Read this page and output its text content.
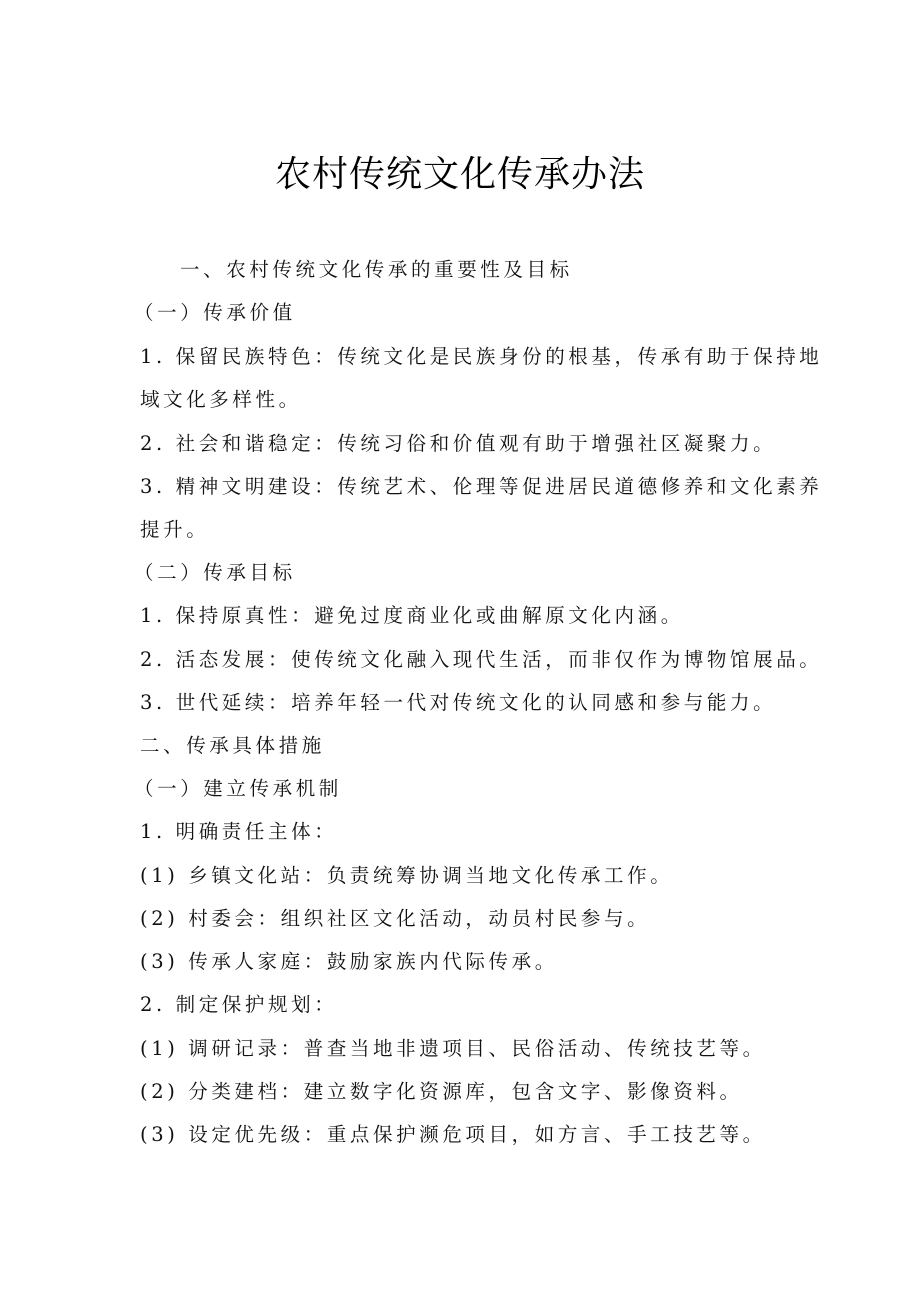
农村传统文化传承办法
一、农村传统文化传承的重要性及目标
（一）传承价值
1. 保留民族特色：传统文化是民族身份的根基，传承有助于保持地
域文化多样性。
2. 社会和谐稳定：传统习俗和价值观有助于增强社区凝聚力。
3. 精神文明建设：传统艺术、伦理等促进居民道德修养和文化素养
提升。
（二）传承目标
1. 保持原真性：避免过度商业化或曲解原文化内涵。
2. 活态发展：使传统文化融入现代生活，而非仅作为博物馆展品。
3. 世代延续：培养年轻一代对传统文化的认同感和参与能力。
二、传承具体措施
（一）建立传承机制
1. 明确责任主体：
(1) 乡镇文化站：负责统筹协调当地文化传承工作。
(2) 村委会：组织社区文化活动，动员村民参与。
(3) 传承人家庭：鼓励家族内代际传承。
2. 制定保护规划：
(1) 调研记录：普查当地非遗项目、民俗活动、传统技艺等。
(2) 分类建档：建立数字化资源库，包含文字、影像资料。
(3) 设定优先级：重点保护濒危项目，如方言、手工技艺等。
